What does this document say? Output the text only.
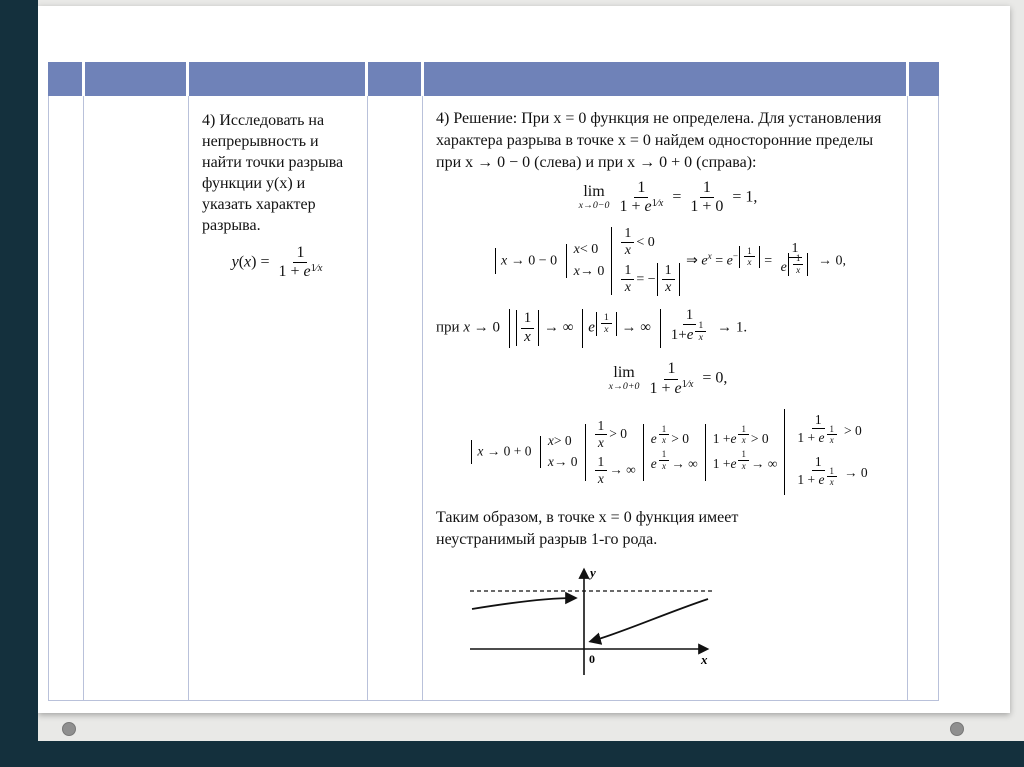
4) Исследовать на непрерывность и найти точки разрыва функции y(x) и указать характер разрыва.

$y(x) = \frac{1}{1 + e^{1∕x}}$

4) Решение: При x = 0 функция не определена. Для установления характера разрыва в точке x = 0 найдем односторонние пределы при x → 0 − 0 (слева) и при x → 0 + 0 (справа):

lim
$x\to 0-0 \frac{1}{1 + e^{1∕x}} = \frac{1}{1 + 0} = 1$,
x → 0 − 0
x < 0
x → 0
$\frac{1}{x} < 0$
$\frac{1}{x}$ = − $\frac{1}{x}$
⇒ $e^x = e^{- \frac{1}{x}} = 1$
e $^{\frac{1}{x}}$ → 0,
при $x \to 0 \frac{1}{x}$ → ∞ e $^{\frac{1}{x}}$ → ∞ 1
1+e $^{\frac{1}{x}}$ → 1.
lim
$x\to 0+0 \frac{1}{1 + e^{1∕x}} = 0$,
x → 0 + 0
x > 0
x → 0
$\frac{1}{x} > 0$
$\frac{1}{x}$ → ∞
e $\frac{1}{x} > 0$
e $\frac{1}{x}$ → ∞
1 + e $\frac{1}{x} > 0$
1 + e $\frac{1}{x}$ → ∞
1
1 + e $^{\frac{1}{x}}$ > 0
1
1 + e $^{\frac{1}{x}}$ → 0

Таким образом, в точке x = 0 функция имеет неустранимый разрыв 1-го рода.

y
x
0
